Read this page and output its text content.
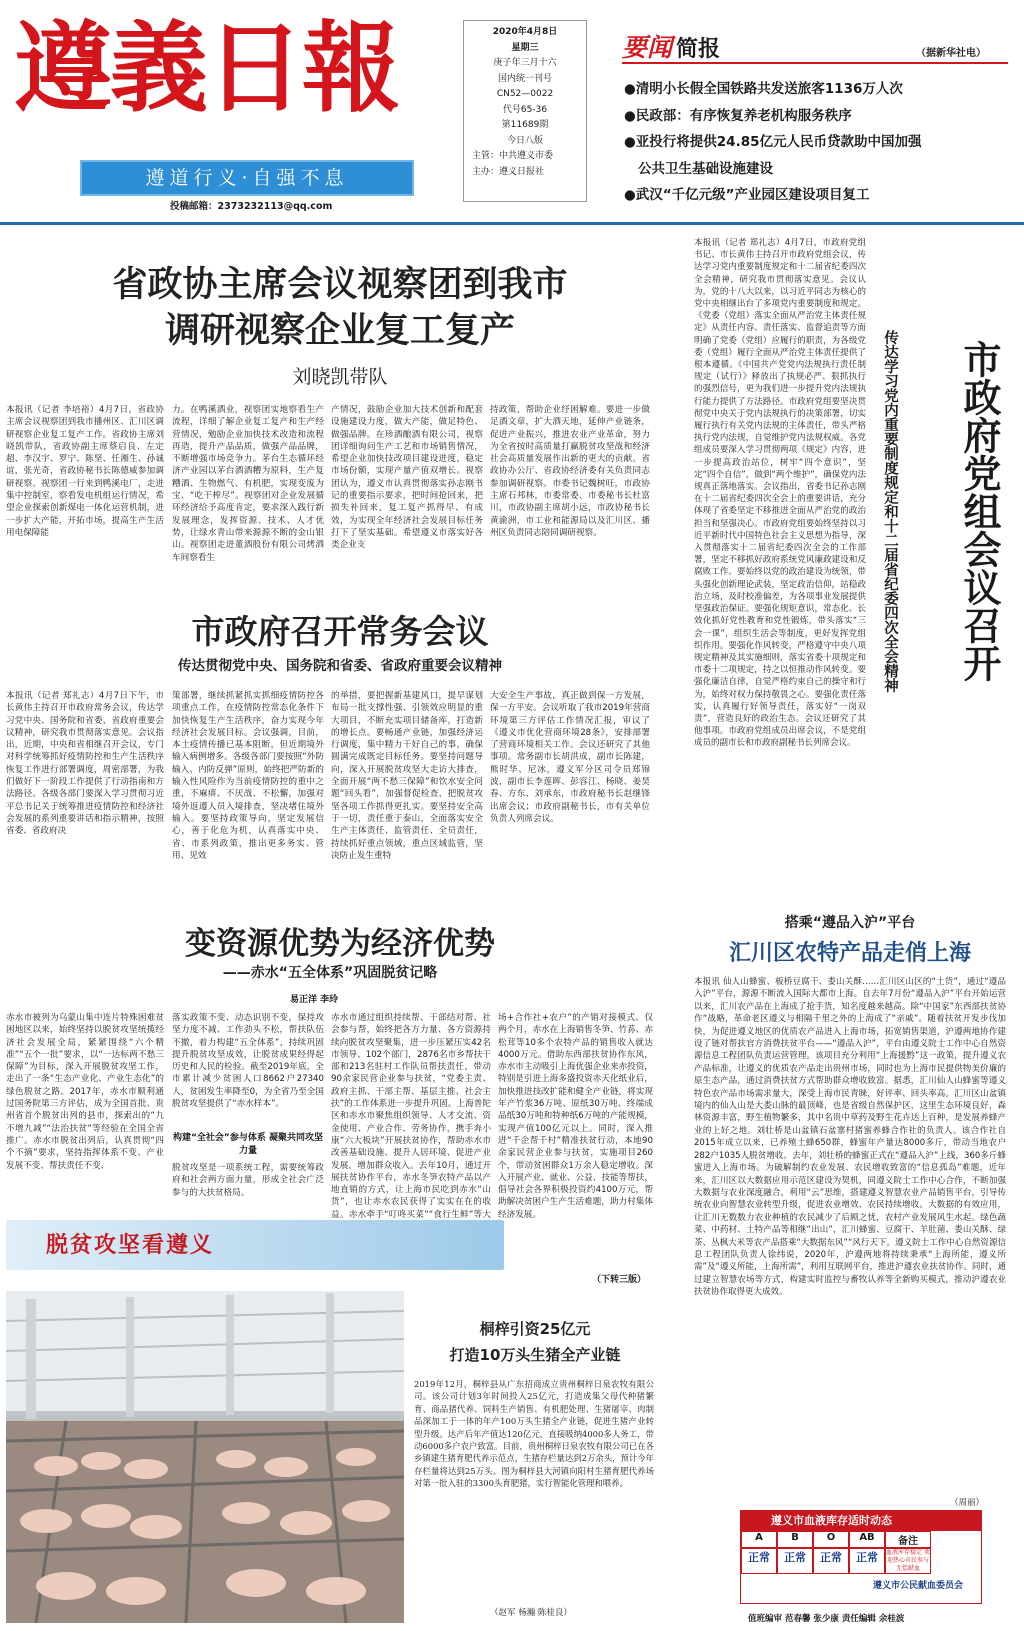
遵義日報
遵道行义·自强不息
投稿邮箱：2373232113@qq.com
2020年4月8日
星期三
庚子年三月十六
国内统一刊号
CN52—0022
代号65-36
第11689期
今日八版
主管：中共遵义市委
主办：遵义日报社
要闻 简报	（据新华社电）
●清明小长假全国铁路共发送旅客1136万人次
●民政部：有序恢复养老机构服务秩序
●亚投行将提供24.85亿元人民币贷款助中国加强
公共卫生基础设施建设
●武汉“千亿元级”产业园区建设项目复工
省政协主席会议视察团到我市
调研视察企业复工复产
刘晓凯带队
本报讯（记者 李培裕）4月7日，省政协主席会议视察团到我市播州区、汇川区调研视察企业复工复产工作。省政协主席刘晓凯带队，省政协副主席蔡启良、左定超、李汉宇、罗宁、陈坚、任湘生、孙诚谊，张光奇，省政协秘书长陈德威参加调研视察。视察团一行来到鸭溪电厂，走进集中控制室，察看发电机组运行情况，希望企业探索创新煤电一体化运营机制，进一步扩大产能，开拓市场，提高生产生活用电保障能
力。在鸭溪酒业，视察团实地察看生产流程，详细了解企业复工复产和生产经营情况，勉励企业加快技术改造和流程再造，提升产品品质，做强产品品牌，不断增强市场竞争力。茅台生态循环经济产业园以茅台酒酒糟为原料，生产复糟酒、生物燃气、有机肥，实现变废为宝、“吃干榨尽”。视察团对企业发展循环经济给予高度肯定，要求深入践行新发展理念，发挥资源、技术、人才优势，让绿水青山带来源源不断的金山银山。视察团走进董酒股份有限公司烤酒车间察看生
产情况，鼓励企业加大技术创新和配套设施建设力度，做大产能，做足特色、做强品牌。在珍酒酿酒有限公司，视察团详细询问生产工艺和市场销售情况，希望企业加快技改项目建设进度，稳定市场份额，实现产量产值双增长。视察团认为，遵义市认真贯彻落实孙志刚书记的重要指示要求，把时间抢回来，把损失补回来，复工复产抓得早、有成效，为实现全年经济社会发展目标任务打下了坚实基础。希望遵义市落实好各类企业支
持政策，帮助企业纾困解难。要进一步做足酒文章，扩大酒天地，延伸产业链条，促进产业振兴，推进农业产业革命，努力为全省按时高质量打赢脱贫攻坚战和经济社会高质量发展作出新的更大的贡献。省政协办公厅、省政协经济委有关负责同志参加调研视察。市委书记魏树旺，市政协主席石邦林，市委常委、市委秘书长杜富川，市政协副主席胡小远，市政协秘书长黄渝洲，市工业和能源局以及汇川区、播州区负责同志陪同调研视察。
市政府召开常务会议
传达贯彻党中央、国务院和省委、省政府重要会议精神
本报讯（记者 郑礼志）4月7日下午，市长黄伟主持召开市政府常务会议，传达学习党中央、国务院和省委、省政府重要会议精神，研究我市贯彻落实意见。会议指出，近期，中央和省相继召开会议，专门对科学统筹抓好疫情防控和生产生活秩序恢复工作进行部署调度，周密部署，为我们做好下一阶段工作提供了行动指南和方法路径。各级各部门要深入学习贯彻习近平总书记关于统筹推进疫情防控和经济社会发展的系列重要讲话和指示精神，按照省委、省政府决
策部署，继续抓紧抓实抓细疫情防控各项重点工作，在疫情防控常态化条件下加快恢复生产生活秩序，奋力实现今年经济社会发展目标。会议强调，目前，本土疫情传播已基本阻断，但近期境外输入病例增多。各级各部门要按照“外防输入、内防反弹”原则，始终把严防新的输入性风险作为当前疫情防控的重中之重，不麻痹、不厌战、不松懈，加强对境外返遵人员入境排查，坚决堵住境外输入。要坚持政策导向，坚定发展信心，善于化危为机，认真落实中央、省、市系列政策，推出更多务实、管用、见效
的举措，要把握新基建风口，提早谋划布局一批支撑性强、引领效应明显的重大项目，不断充实项目储备库，打造新的增长点。要畅通产业链，加强经济运行调度，集中精力干好自己的事，确保圆满完成既定目标任务。要坚持问题导向，深入开展脱贫攻坚大走访大排查，全面开展“两不愁三保障”和饮水安全问题“回头看”，加强督促检查，把脱贫攻坚各项工作抓得更扎实。要坚持安全高于一切，责任重于泰山，全面落实安全生产主体责任、监管责任、全员责任，持续抓好重点领域，重点区域监管，坚决防止发生重特
大安全生产事故，真正做到保一方发展，保一方平安。会议听取了我市2019年营商环境第三方评估工作情况汇报，审议了《遵义市优化营商环境28条》，安排部署了营商环境相关工作。会议还研究了其他事项。常务副市长胡洪成，副市长陈建，熊时华、尼冰，遵义军分区司令员郑锦波，副市长李莲晖、彭容江、杨晓、姜昊春、方东、刘承东，市政府秘书长赵继锋出席会议；市政府副秘书长，市有关单位负责人列席会议。
变资源优势为经济优势
——赤水“五全体系”巩固脱贫记略
易正洋 李玲
赤水市被列为乌蒙山集中连片特殊困难贫困地区以来，始终坚持以脱贫攻坚统揽经济社会发展全局，紧紧围绕“六个精准”“五个一批”要求，以“一达标两不愁三保障”为目标，深入开展脱贫攻坚工作，走出了一条“生态产业化、产业生态化”的绿色脱贫之路。2017年，赤水市顺利通过国务院第三方评估，成为全国首批、贵州省首个脱贫出列的县市，探索出的“九不增九减”“法治扶贫”等经验在全国全省推广。赤水市脱贫出列后，认真贯彻“四个不摘”要求，坚持指挥体系不变、产业发展不变、帮扶责任不变、
落实政策不变、动态识别不变，保持攻坚力度不减、工作劲头不松，帮扶队伍不撤，着力构建“五全体系”，持续巩固提升脱贫攻坚成效，让脱贫成果经得起历史和人民的检验。截至2019年底，全市累计减少贫困人口8662户27340人，贫困发生率降至0，为全省乃至全国脱贫攻坚提供了“赤水样本”。
构建“全社会”参与体系 凝聚共同攻坚力量
脱贫攻坚是一项系统工程，需要统筹政府和社会两方面力量，形成全社会广泛参与的大扶贫格局。
赤水市通过组织持续帮、干部结对帮、社会参与帮，始终把各方力量、各方资源持续向脱贫攻坚聚集，进一步压紧压实42名市领导、102个部门，2876名市乡帮扶干部和213名驻村工作队员帮扶责任，带动90余家民营企业参与扶贫，“党委主责、政府主抓、干部主帮、基层主推、社会主扶”的工作体系进一步提升巩固。上海普陀区和赤水市聚焦组织领导、人才交流、资金使用、产业合作、劳务协作，携手奔小康“六大板块”开展扶贫协作，帮助赤水市改善基础设施、提升人居环境、促进产业发展，增加群众收入。去年10月，通过开展扶贫协作平台，赤水冬笋农特产品以产地直销的方式，让上海市民吃到赤水“山货”，也让赤水农民获得了实实在在的收益。赤水牵手“叮咚买菜”“食行生鲜”等大
场+合作社+农户”的产销对接模式。仅两个月，赤水在上海销售冬笋、竹荪、赤松茸等10多个农特产品的销售收入就达4000万元。借助东西部扶贫协作东风，赤水市主动吸引上海优强企业来赤投资，特别是引进上海多盛投资赤天化纸业后，加快推进技改扩能和健全产业链，将实现年产竹浆36万吨、原纸30万吨、终端成品纸30万吨和特种纸6万吨的产能规模，实现产值100亿元以上。同时，深入推进“千企帮千村”精准扶贫行动，本地90余家民营企业参与扶贫，实施项目260个，带动贫困群众1万余人稳定增收。深入开展产业、就业、公益、技能等帮扶，倡导社会各界积极投资约4100万元，帮助解决贫困户生产生活难题，助力村集体经济发展。
（下转三版）
脱贫攻坚看遵义
桐梓引资25亿元
打造10万头生猪全产业链
2019年12月，桐梓县从广东招商成立贵州桐梓日泉农牧有限公司。该公司计划3年时间投入25亿元，打造成集父母代种猪繁育、商品猪代养、饲料生产销售、有机肥处理、生猪屠宰、肉制品深加工于一体的年产100万头生猪全产业链，促进生猪产业转型升级。达产后年产值达120亿元，直接吸纳4000多人务工，带动6000多户农户致富。目前，贵州桐梓日泉农牧有限公司已在各乡镇建生猪育肥代养示范点，生猪存栏量达到2万余头，预计今年存栏量将达到25万头。图为桐梓县大河镇向阳村生猪育肥代养场对第一批入驻的3300头育肥猪，实行智能化管理和喂养。
（赵军 杨瀚 陈桂良）
本报讯（记者 郑礼志）4月7日，市政府党组书记、市长黄伟主持召开市政府党组会议，传达学习党内重要制度规定和十二届省纪委四次全会精神，研究我市贯彻落实意见。会议认为，党的十八大以来，以习近平同志为核心的党中央相继出台了多项党内重要制度和规定。《党委（党组）落实全面从严治党主体责任规定》从责任内容、责任落实、监督追责等方面明确了党委（党组）应履行的职责，为各级党委（党组）履行全面从严治党主体责任提供了根本遵循。《中国共产党党内法规执行责任制规定（试行）》释放出了执规必严、狠抓执行的强烈信号，更为我们进一步提升党内法规执行能力提供了方法路径。市政府党组要坚决贯彻党中央关于党内法规执行的决策部署，切实履行执行有关党内法规的主体责任，带头严格执行党内法规，自觉维护党内法规权威。各党组成员要深入学习贯彻两项《规定》内容，进一步提高政治站位，树牢“四个意识”，坚定“四个自信”，做到“两个维护”，确保党内法规真正落地落实。会议指出，省委书记孙志刚在十二届省纪委四次全会上的重要讲话，充分体现了省委坚定不移推进全面从严治党的政治担当和坚强决心。市政府党组要始终坚持以习近平新时代中国特色社会主义思想为指导，深入贯彻落实十二届省纪委四次全会的工作部署，坚定不移抓好政府系统党风廉政建设和反腐败工作。要始终以党的政治建设为统领，带头强化创新理论武装，坚定政治信仰，站稳政治立场，及时校准偏差，为各项事业发展提供坚强政治保证。要强化规矩意识，常态化、长效化抓好党性教育和党性锻炼，带头落实“三会一课”，组织生活会等制度，更好发挥党组织作用。要强化作风转变，严格遵守中央八项规定精神及其实施细则，落实省委十项规定和市委十二项规定，持之以恒推动作风转变。要强化廉洁自律，自觉严格约束自己的操守和行为，始终对权力保持敬畏之心。要强化责任落实，认真履行好领导责任，落实好“一岗双责”，营造良好的政治生态。会议还研究了其他事项。市政府党组成员出席会议，不是党组成员的副市长和市政府副秘书长列席会议。
市政府党组会议召开
传达学习党内重要制度规定和十二届省纪委四次全会精神
搭乘“遵品入沪”平台
汇川区农特产品走俏上海
本报讯 仙人山蜂蜜、板桥豆腐干、娄山关酥……汇川区山区的“土货”，通过“遵品入沪”平台，源源不断流入国际大都市上海。自去年7月份“遵品入沪”平台开始运营以来，汇川农产品在上海成了抢手货，知名度越来越高。除“中国家”东西部扶贫协作“战略，革命老区遵义与相隔千里之外的上海成了“亲戚”。随着扶贫开发步伐加快，为促进遵义地区的优质农产品进入上海市场，拓宽销售渠道，沪遵两地协作建设了链对帮扶官方消费扶贫平台——“遵品入沪”，平台由遵义院士工作中心自然资源信息工程团队负责运营管理。该项目充分利用“上海援黔”这一政策，提升遵义农产品标准，让遵义的优质农产品走出贵州市场，同时也为上海市民提供物美价廉的原生态产品，通过消费扶贫方式帮助群众增收致富。据悉，汇川仙人山蜂蜜等遵义特色农产品市场需求量大，深受上海市民青睐，好评率、回头率高。汇川区山盆镇境内的仙人山是大娄山脉的最顶峰，也是省级自然保护区，这里生态环境良好，森林资源丰富，野生植物繁多，其中名贵中草药及野生花卉达上百种，是发展养蜂产业的上好之地。刘壮桥是山盆镇石盆寨村猪蜜养蜂合作社的负责人。该合作社自2015年成立以来，已养殖土蜂650群，蜂蜜年产量达8000多斤，带动当地农户282户1035人脱贫增收。去年，刘壮桥的蜂蜜正式在“遵品入沪”上线，360多斤蜂蜜进入上海市场。为破解制约农业发展、农民增收致富的“信息孤岛”难题，近年来，汇川区以大数据应用示范区建设为契机，同遵义院士工作中心合作，不断加强大数据与农业深度融合，利用“云”思维，搭建遵义智慧农业产品销售平台，引导传统农业向智慧农业转型升级，促进农业增效、农民持续增收。大数据的有效应用，让汇川无数数力农业种植的农民减少了后顾之忧，农村产业发展风生水起。绿色蔬菜、中药材、土特产品等相继“出山”，汇川蜂蜜、豆腐干、羊肚菌、娄山关酥、绿茶、丛枫大米等农产品搭乘“大数据东风”“风行天下。遵义院士工作中心自然资源信息工程团队负责人徐纬说，2020年，沪遵两地将持续秉承“上海所能，遵义所需”及“遵义所能，上海所需”，利用互联网平台，推进沪遵农业扶贫协作。同时，通过建立智慧农场等方式，构建实时监控与畜牧认养等全新购买模式，推动沪遵农业扶贫协作取得更大成效。
（周丽）
遵义市血液库存适时动态
A	B	O	AB	备注
正常	正常	正常	正常	血液库存稳定 欢迎热心市民参与无偿献血
遵义市公民献血委员会
值班编审 范春馨 张少康 责任编辑 余桂波
